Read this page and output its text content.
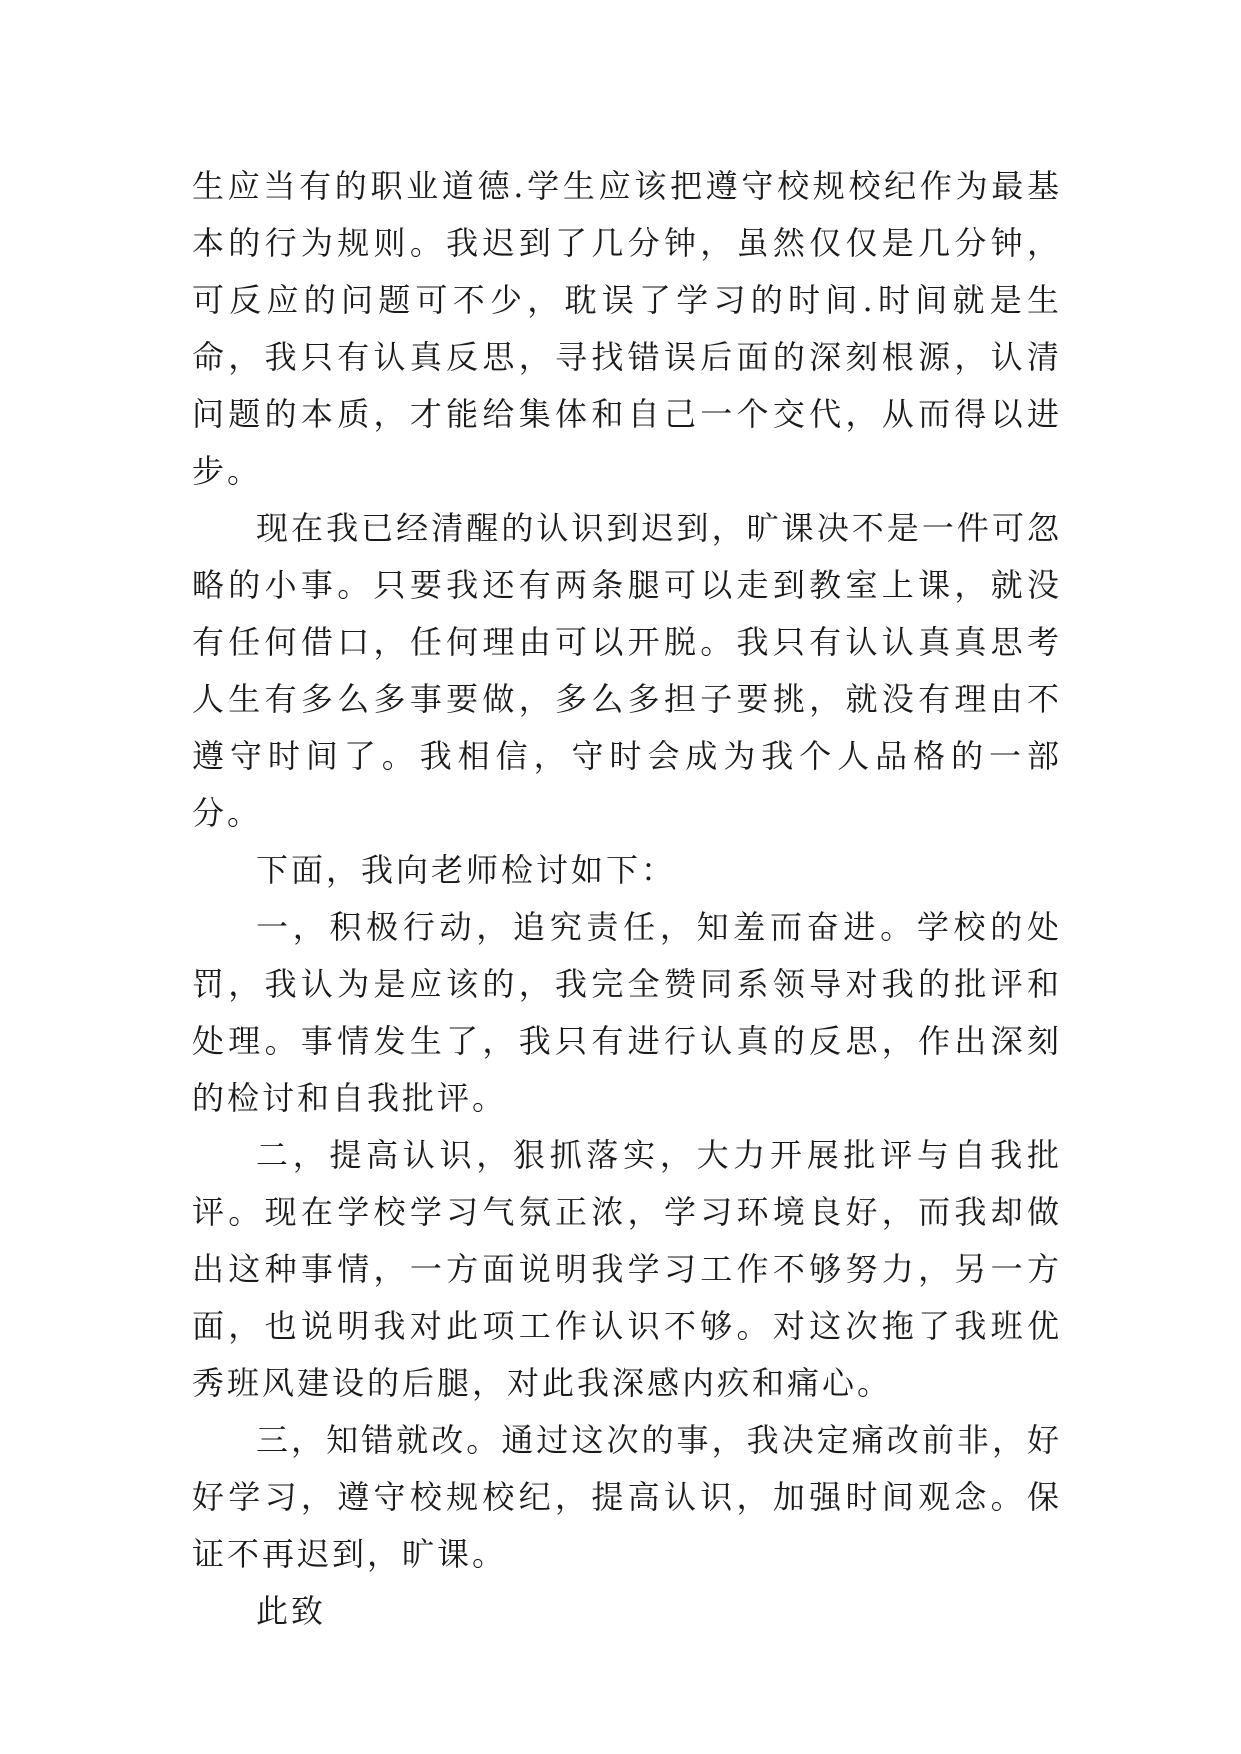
生应当有的职业道德.学生应该把遵守校规校纪作为最基本的行为规则。我迟到了几分钟，虽然仅仅是几分钟，可反应的问题可不少，耽误了学习的时间.时间就是生命，我只有认真反思，寻找错误后面的深刻根源，认清问题的本质，才能给集体和自己一个交代，从而得以进步。

现在我已经清醒的认识到迟到，旷课决不是一件可忽略的小事。只要我还有两条腿可以走到教室上课，就没有任何借口，任何理由可以开脱。我只有认认真真思考人生有多么多事要做，多么多担子要挑，就没有理由不遵守时间了。我相信，守时会成为我个人品格的一部分。

下面，我向老师检讨如下：

一，积极行动，追究责任，知羞而奋进。学校的处罚，我认为是应该的，我完全赞同系领导对我的批评和处理。事情发生了，我只有进行认真的反思，作出深刻的检讨和自我批评。

二，提高认识，狠抓落实，大力开展批评与自我批评。现在学校学习气氛正浓，学习环境良好，而我却做出这种事情，一方面说明我学习工作不够努力，另一方面，也说明我对此项工作认识不够。对这次拖了我班优秀班风建设的后腿，对此我深感内疚和痛心。

三，知错就改。通过这次的事，我决定痛改前非，好好学习，遵守校规校纪，提高认识，加强时间观念。保证不再迟到，旷课。

此致
